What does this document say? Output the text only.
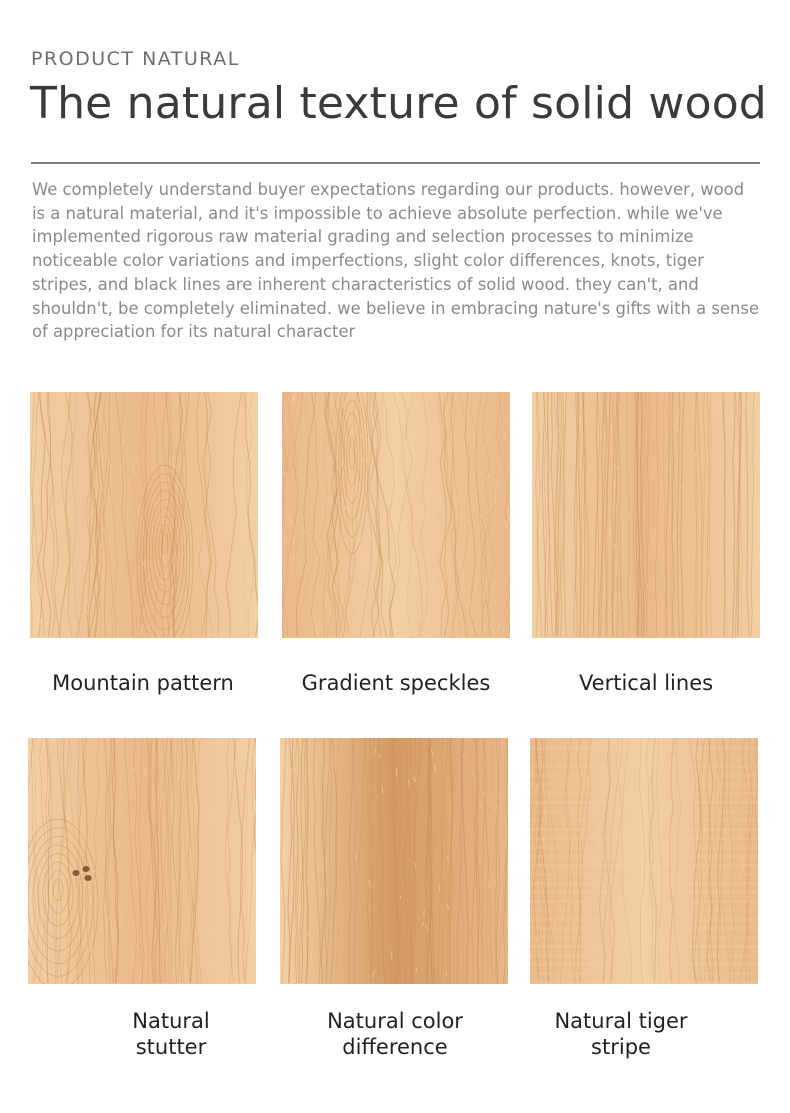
PRODUCT NATURAL
The natural texture of solid wood
We completely understand buyer expectations regarding our products. however, wood is a natural material, and it's impossible to achieve absolute perfection. while we've implemented rigorous raw material grading and selection processes to minimize noticeable color variations and imperfections, slight color differences, knots, tiger stripes, and black lines are inherent characteristics of solid wood. they can't, and shouldn't, be completely eliminated. we believe in embracing nature's gifts with a sense of appreciation for its natural character
Mountain pattern	Gradient speckles	Vertical lines
Natural
stutter
Natural color
difference
Natural tiger
stripe
